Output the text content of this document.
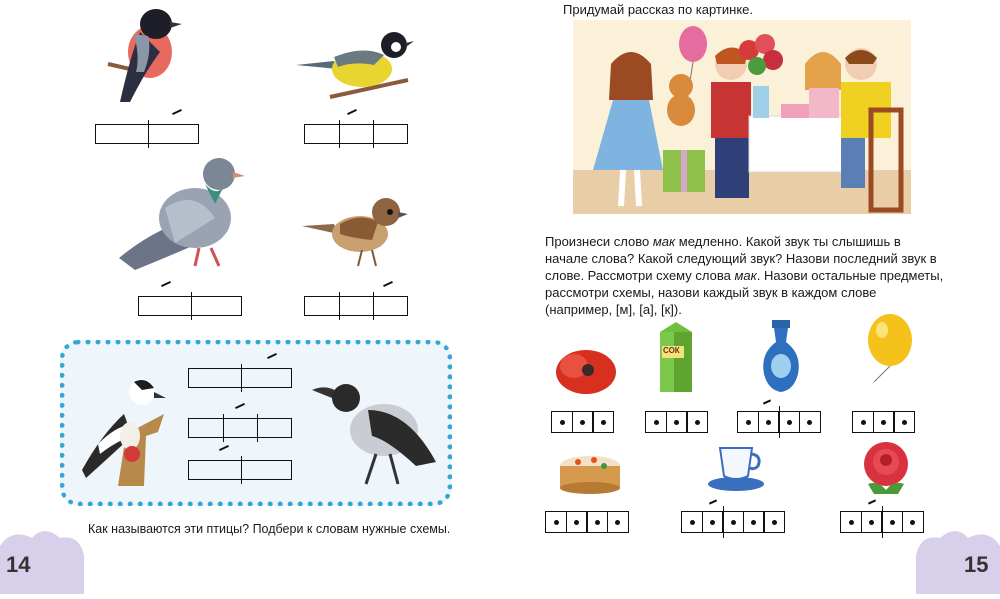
Как называются эти птицы? Подбери к словам нужные схемы.
14
Придумай рассказ по картинке.
Произнеси слово мак медленно. Какой звук ты слышишь в начале слова? Какой следующий звук? Назови последний звук в слове. Рассмотри схему слова мак. Назови остальные предметы, рассмотри схемы, назови каждый звук в каждом слове (например, [м], [а], [к]).
СОК
15
